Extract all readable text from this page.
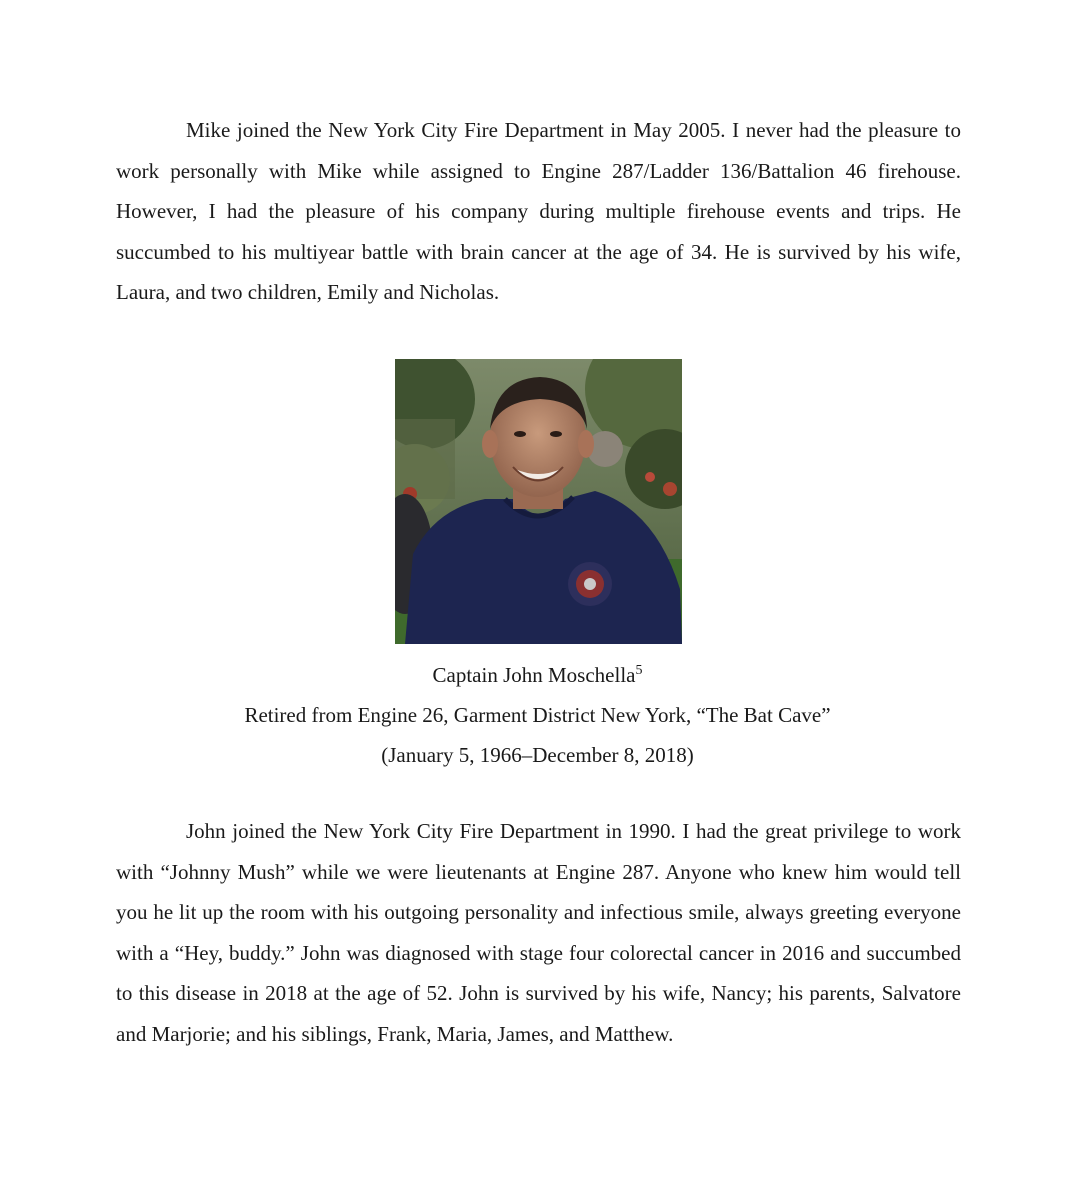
Mike joined the New York City Fire Department in May 2005. I never had the pleasure to work personally with Mike while assigned to Engine 287/Ladder 136/Battalion 46 firehouse. However, I had the pleasure of his company during multiple firehouse events and trips. He succumbed to his multiyear battle with brain cancer at the age of 34. He is survived by his wife, Laura, and two children, Emily and Nicholas.

Captain John Moschella$^5$

Retired from Engine 26, Garment District New York, “The Bat Cave”

(January 5, 1966–December 8, 2018)

John joined the New York City Fire Department in 1990. I had the great privilege to work with “Johnny Mush” while we were lieutenants at Engine 287. Anyone who knew him would tell you he lit up the room with his outgoing personality and infectious smile, always greeting everyone with a “Hey, buddy.” John was diagnosed with stage four colorectal cancer in 2016 and succumbed to this disease in 2018 at the age of 52. John is survived by his wife, Nancy; his parents, Salvatore and Marjorie; and his siblings, Frank, Maria, James, and Matthew.
